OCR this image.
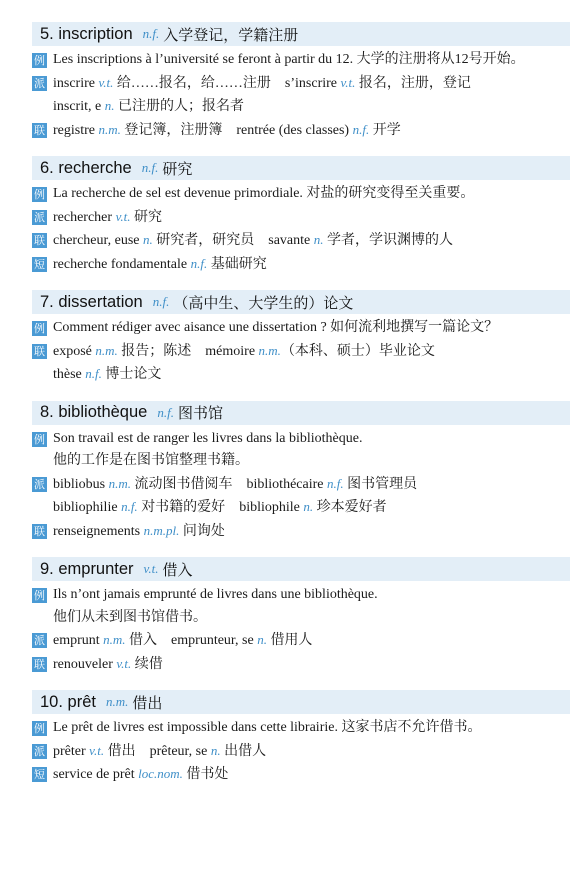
5. inscription n.f. 入学登记，学籍注册
例 Les inscriptions à l’université se feront à partir du 12. 大学的注册将从12号开始。
派 inscrire v.t. 给……报名，给……注册 s’inscrire v.t. 报名，注册，登记
inscrit, e n. 已注册的人；报名者
联 registre n.m. 登记簿，注册簿 rentrée (des classes) n.f. 开学
6. recherche n.f. 研究
例 La recherche de sel est devenue primordiale. 对盐的研究变得至关重要。
派 rechercher v.t. 研究
联 chercheur, euse n. 研究者，研究员 savante n. 学者，学识渊博的人
短 recherche fondamentale n.f. 基础研究
7. dissertation n.f. （高中生、大学生的）论文
例 Comment rédiger avec aisance une dissertation ? 如何流利地撰写一篇论文？
联 exposé n.m. 报告；陈述 mémoire n.m.（本科、硕士）毕业论文
thèse n.f. 博士论文
8. bibliothèque n.f. 图书馆
例 Son travail est de ranger les livres dans la bibliothèque.
他的工作是在图书馆整理书籍。
派 bibliobus n.m. 流动图书借阅车 bibliothécaire n.f. 图书管理员
bibliophilie n.f. 对书籍的爱好 bibliophile n. 珍本爱好者
联 renseignements n.m.pl. 问询处
9. emprunter v.t. 借入
例 Ils n’ont jamais emprunté de livres dans une bibliothèque.
他们从未到图书馆借书。
派 emprunt n.m. 借入 emprunteur, se n. 借用人
联 renouveler v.t. 续借
10. prêt n.m. 借出
例 Le prêt de livres est impossible dans cette librairie. 这家书店不允许借书。
派 prêter v.t. 借出 prêteur, se n. 出借人
短 service de prêt loc.nom. 借书处
